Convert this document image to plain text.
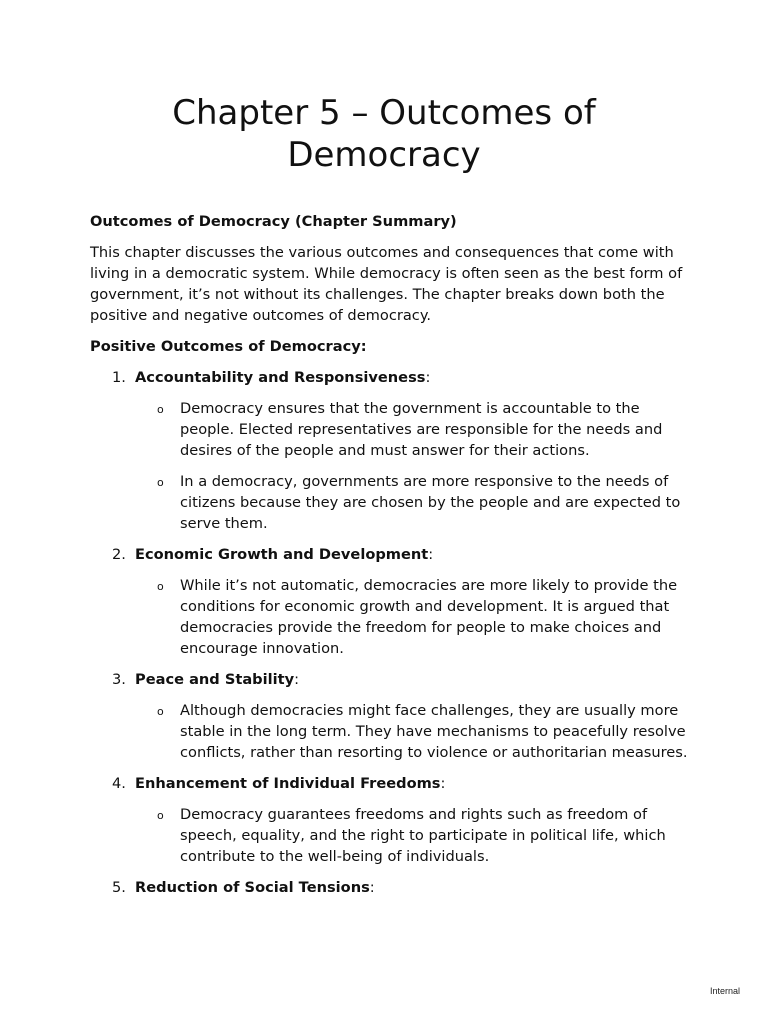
Chapter 5 – Outcomes of
Democracy

Outcomes of Democracy (Chapter Summary)

This chapter discusses the various outcomes and consequences that come with living in a democratic system. While democracy is often seen as the best form of government, it’s not without its challenges. The chapter breaks down both the positive and negative outcomes of democracy.

Positive Outcomes of Democracy:

1. Accountability and Responsiveness:
o Democracy ensures that the government is accountable to the people. Elected representatives are responsible for the needs and desires of the people and must answer for their actions.
o In a democracy, governments are more responsive to the needs of citizens because they are chosen by the people and are expected to serve them.
2. Economic Growth and Development:
o While it’s not automatic, democracies are more likely to provide the conditions for economic growth and development. It is argued that democracies provide the freedom for people to make choices and encourage innovation.
3. Peace and Stability:
o Although democracies might face challenges, they are usually more stable in the long term. They have mechanisms to peacefully resolve conflicts, rather than resorting to violence or authoritarian measures.
4. Enhancement of Individual Freedoms:
o Democracy guarantees freedoms and rights such as freedom of speech, equality, and the right to participate in political life, which contribute to the well-being of individuals.
5. Reduction of Social Tensions:
Internal
